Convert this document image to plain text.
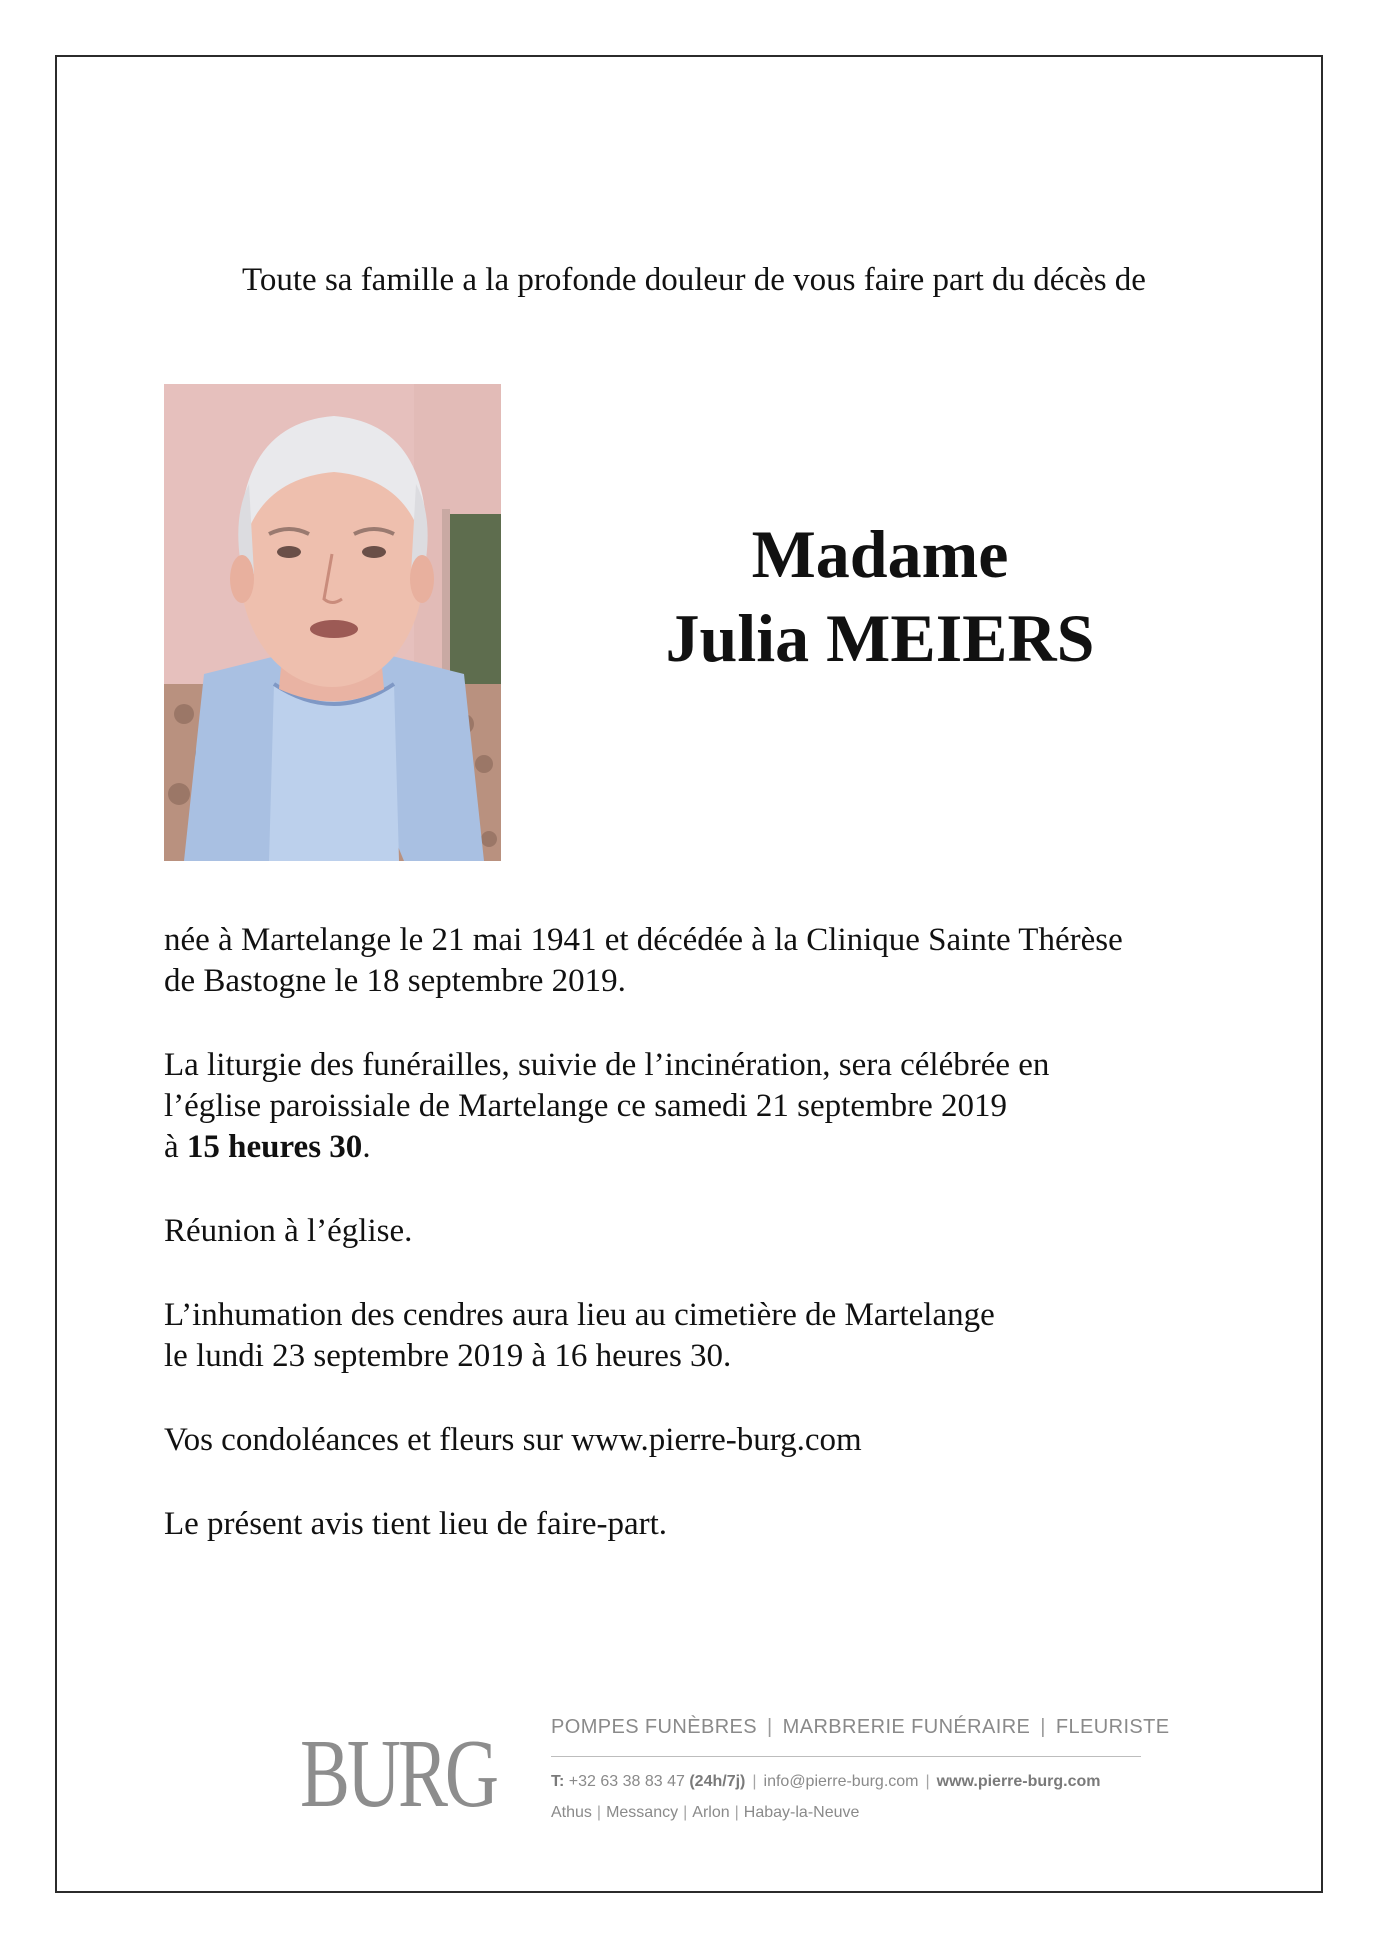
Toute sa famille a la profonde douleur de vous faire part du décès de
Madame
Julia MEIERS

née à Martelange le 21 mai 1941 et décédée à la Clinique Sainte Thérèse
de Bastogne le 18 septembre 2019.

La liturgie des funérailles, suivie de l’incinération, sera célébrée en
l’église paroissiale de Martelange ce samedi 21 septembre 2019
à 15 heures 30.

Réunion à l’église.

L’inhumation des cendres aura lieu au cimetière de Martelange
le lundi 23 septembre 2019 à 16 heures 30.

Vos condoléances et fleurs sur www.pierre-burg.com

Le présent avis tient lieu de faire-part.

BURG	POMPES FUNÈBRES | MARBRERIE FUNÉRAIRE | FLEURISTE
T: +32 63 38 83 47 (24h/7j) | info@pierre-burg.com | www.pierre-burg.com
Athus | Messancy | Arlon | Habay-la-Neuve
